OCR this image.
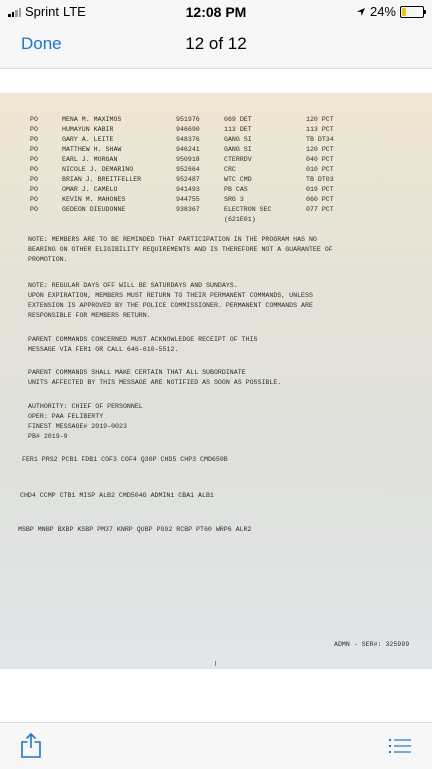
Sprint LTE	12:08 PM	24%
Done	12 of 12
PO	MENA M. MAXIMOS	951976	069 DET	120 PCT
PO	HUMAYUN KABIR	946690	113 DET	113 PCT
PO	GARY A. LEITE	948376	GANG SI	TB DT34
PO	MATTHEW H. SHAW	946241	GANG SI	120 PCT
PO	EARL J. MORGAN	950918	CTERRDV	040 PCT
PO	NICOLE J. DEMARINO	952664	CRC	010 PCT
PO	BRIAN J. BREITFELLER	952487	WTC CMD	TB DT03
PO	OMAR J. CAMELO	941493	PB CAS	019 PCT
PO	KEVIN M. MAHONES	944755	SRG 3	060 PCT
PO	GEDEON DIEUDONNE	938367	ELECTRON SEC	077 PCT
(621E01)

NOTE: MEMBERS ARE TO BE REMINDED THAT PARTICIPATION IN THE PROGRAM HAS NO
BEARING ON OTHER ELIGIBILITY REQUIREMENTS AND IS THEREFORE NOT A GUARANTEE OF
PROMOTION.

NOTE: REGULAR DAYS OFF WILL BE SATURDAYS AND SUNDAYS.
UPON EXPIRATION, MEMBERS MUST RETURN TO THEIR PERMANENT COMMANDS, UNLESS
EXTENSION IS APPROVED BY THE POLICE COMMISSIONER. PERMANENT COMMANDS ARE
RESPONSIBLE FOR MEMBERS RETURN.

PARENT COMMANDS CONCERNED MUST ACKNOWLEDGE RECEIPT OF THIS
MESSAGE VIA FER1 OR CALL 646-610-5512.

PARENT COMMANDS SHALL MAKE CERTAIN THAT ALL SUBORDINATE
UNITS AFFECTED BY THIS MESSAGE ARE NOTIFIED AS SOON AS POSSIBLE.

AUTHORITY: CHIEF OF PERSONNEL
OPER: PAA FELIBERTY
FINEST MESSAGE# 2019-0023
PB# 2019-9

FER1 PRS2 PCB1 FDB1 COF3 COF4 Q30P CHD5 CHP3 CMD650B
CHD4 CCMP CTB1 MISP ALB2 CMD504G ADMIN1 CBA1 ALB1
MSBP MNBP BXBP KSBP PM37 KNRP QUBP PG92 RCBP PT60 WRP6 ALR2
ADMN - SER#: 325999
